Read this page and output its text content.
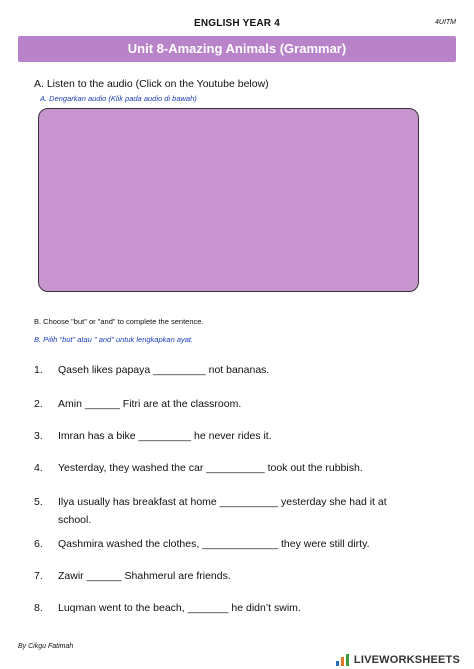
ENGLISH YEAR 4	4UITM
Unit 8-Amazing Animals (Grammar)
A. Listen to the audio (Click on the Youtube below)
A. Dengarkan audio (Klik pada audio di bawah)
B. Choose "but" or "and" to complete the sentence.
B. Pilih "but" atau " and" untuk lengkapkan ayat.
1. Qaseh likes papaya _________ not bananas.
2. Amin ______ Fitri are at the classroom.
3. Imran has a bike _________ he never rides it.
4. Yesterday, they washed the car __________ took out the rubbish.
5. Ilya usually has breakfast at home __________ yesterday she had it at
school.
6. Qashmira washed the clothes, _____________ they were still dirty.
7. Zawir ______ Shahmerul are friends.
8. Luqman went to the beach, _______ he didn’t swim.
By Cikgu Fatimah
LIVEWORKSHEETS
